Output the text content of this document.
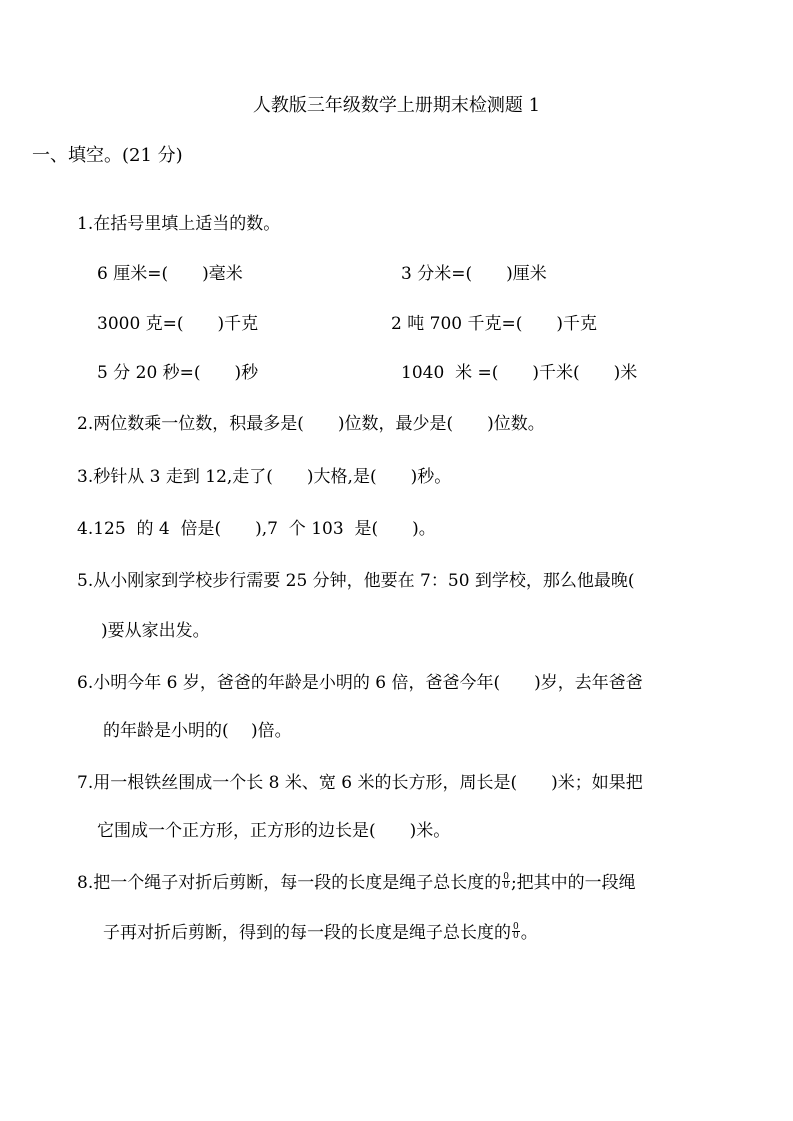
人教版三年级数学上册期末检测题 1
一、填空。(21 分)
1.在括号里填上适当的数。
6 厘米=(　　)毫米	3 分米=(　　)厘米
3000 克=(　　)千克	2 吨 700 千克=(　　)千克
5 分 20 秒=(　　)秒	1040  米 =(　　)千米(　　)米
2.两位数乘一位数，积最多是(　　)位数，最少是(　　)位数。
3.秒针从 3 走到 12,走了(　　)大格,是(　　)秒。
4.125  的 4  倍是(　　),7  个 103  是(　　)。
5.从小刚家到学校步行需要 25 分钟，他要在 7：50 到学校，那么他最晚(
)要从家出发。
6.小明今年 6 岁，爸爸的年龄是小明的 6 倍，爸爸今年(　　)岁，去年爸爸
的年龄是小明的(　 )倍。
7.用一根铁丝围成一个长 8 米、宽 6 米的长方形，周长是(　　)米；如果把
它围成一个正方形，正方形的边长是(　　)米。
8.把一个绳子对折后剪断，每一段的长度是绳子总长度的 $\frac{0}{0}$ ;把其中的一段绳
子再对折后剪断，得到的每一段的长度是绳子总长度的 $\frac{0}{0}$ 。
